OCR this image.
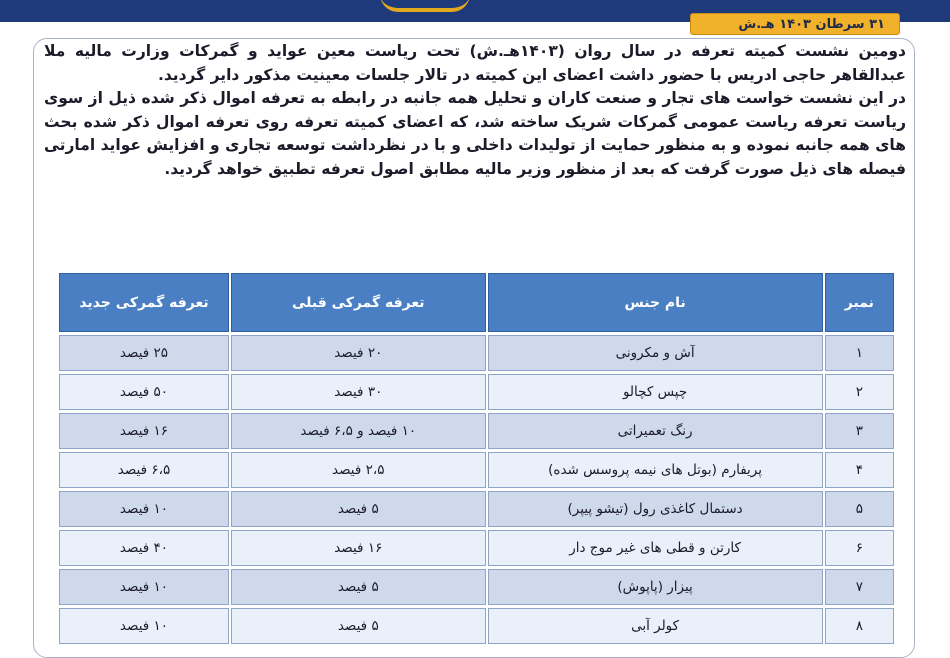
۳۱ سرطان ۱۴۰۳ هـ.ش

دومین نشست کمیته تعرفه در سال روان (۱۴۰۳هـ.ش) تحت ریاست معین عواید و گمرکات وزارت مالیه ملا عبدالقاهر حاجی ادریس با حضور داشت اعضای این کمیته در تالار جلسات معینیت مذکور دایر گردید.

در این نشست خواست های تجار و صنعت کاران و تحلیل همه جانبه در رابطه به تعرفه اموال ذکر شده ذیل از سوی ریاست تعرفه ریاست عمومی گمرکات شریک ساخته شد، که اعضای کمیته تعرفه روی تعرفه اموال ذکر شده بحث های همه جانبه نموده و به منظور حمایت از تولیدات داخلی و با در نظرداشت توسعه تجاری و افزایش عواید امارتی فیصله های ذیل صورت گرفت که بعد از منظور وزیر مالیه مطابق اصول تعرفه تطبیق خواهد گردید.

نمبر	نام جنس	تعرفه گمرکی قبلی	تعرفه گمرکی جدید
۱	آش و مکرونی	۲۰ فیصد	۲۵ فیصد
۲	چپس کچالو	۳۰ فیصد	۵۰ فیصد
۳	رنگ تعمیراتی	۱۰ فیصد و ۶،۵ فیصد	۱۶ فیصد
۴	پریفارم (بوتل های نیمه پروسس شده)	۲،۵ فیصد	۶،۵ فیصد
۵	دستمال کاغذی رول (تیشو پیپر)	۵ فیصد	۱۰ فیصد
۶	کارتن و قطی های غیر موج دار	۱۶ فیصد	۴۰ فیصد
۷	پیزار (پاپوش)	۵ فیصد	۱۰ فیصد
۸	کولر آبی	۵ فیصد	۱۰ فیصد
